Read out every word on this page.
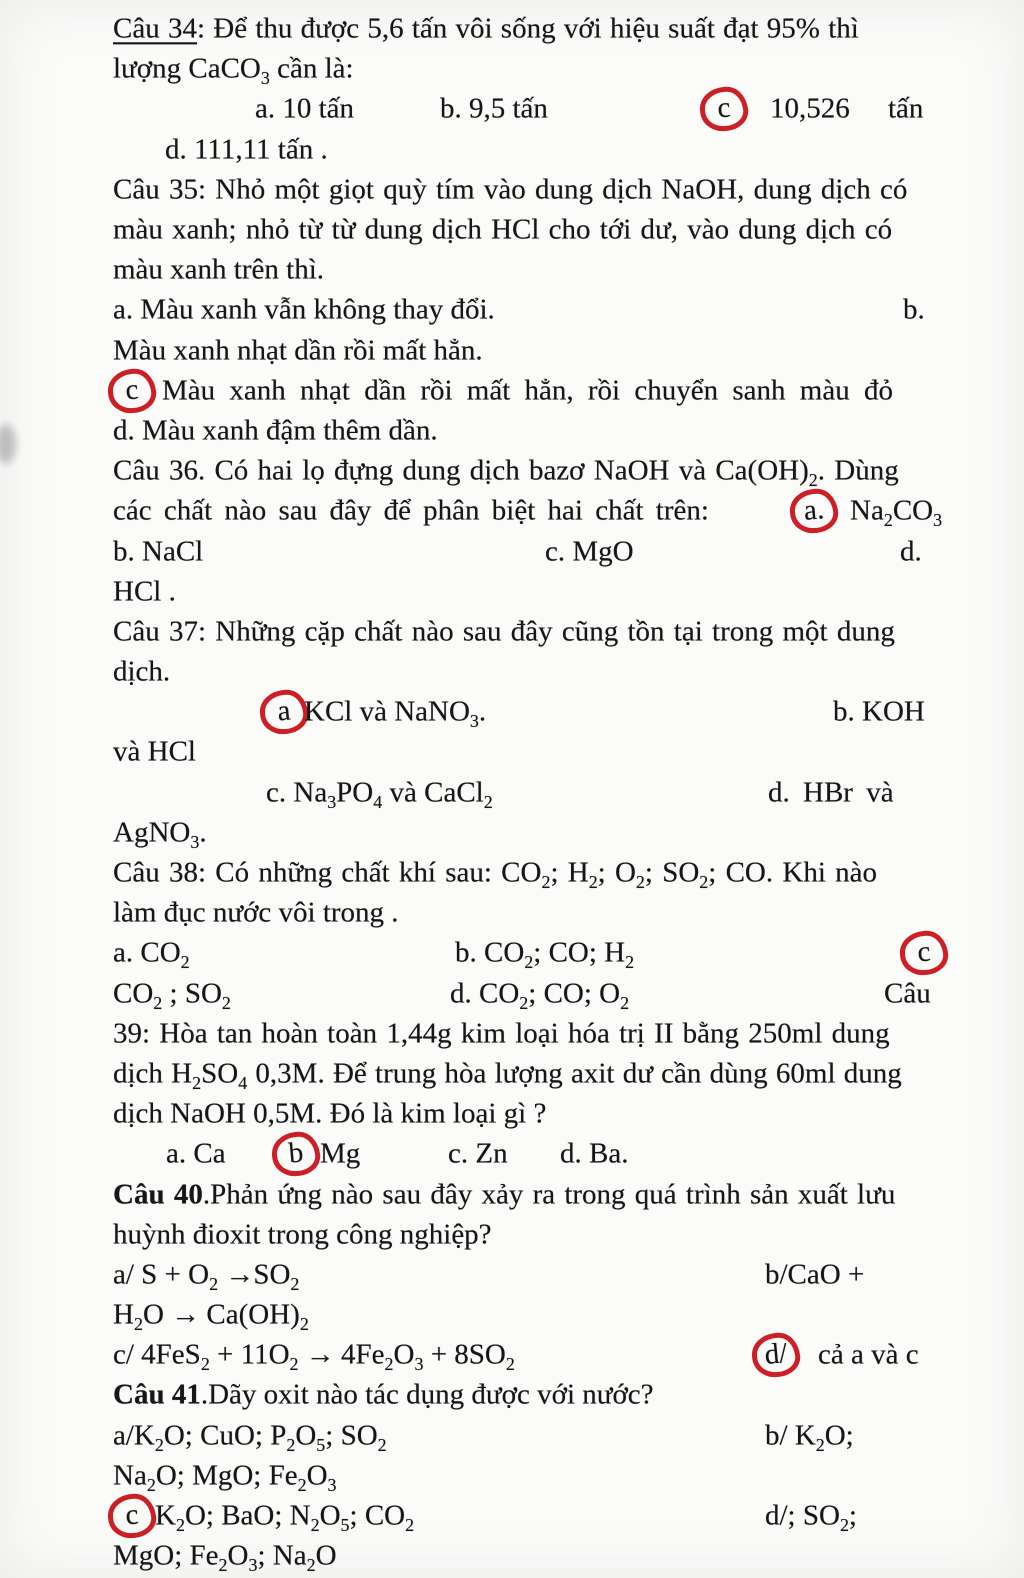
Câu 34: Để thu được 5,6 tấn vôi sống với hiệu suất đạt 95% thì
lượng CaCO$_3$ cần là:
a. 10 tấn	b. 9,5 tấn	c 10,526 tấn
d. 111,11 tấn .
Câu 35: Nhỏ một giọt quỳ tím vào dung dịch NaOH, dung dịch có
màu xanh; nhỏ từ từ dung dịch HCl cho tới dư, vào dung dịch có
màu xanh trên thì.
a. Màu xanh vẫn không thay đổi.	b.
Màu xanh nhạt dần rồi mất hẳn.
c Màu xanh nhạt dần rồi mất hẳn, rồi chuyển sanh màu đỏ
d. Màu xanh đậm thêm dần.
Câu 36. Có hai lọ đựng dung dịch bazơ NaOH và $Ca(OH)_2$. Dùng
các chất nào sau đây để phân biệt hai chất trên:	a. $Na_2CO_3$
b. NaCl	c. MgO	d.
HCl .
Câu 37: Những cặp chất nào sau đây cũng tồn tại trong một dung
dịch.
a KCl và NaNO$_3$.	b. KOH
và HCl
c. $Na_3PO_4$ và CaCl$_2$	d. HBr và
AgNO$_3$.
Câu 38: Có những chất khí sau: $CO_2$; $H_2$; $O_2$; $SO_2$; CO. Khi nào
làm đục nước vôi trong .
a. $CO_2$	b. $CO_2$; CO; $H_2$	c
$CO_2$ ; $SO_2$	d. $CO_2$; CO; $O_2$	Câu
39: Hòa tan hoàn toàn 1,44g kim loại hóa trị II bằng 250ml dung
dịch $H_2SO_4$ 0,3M. Để trung hòa lượng axit dư cần dùng 60ml dung
dịch NaOH 0,5M. Đó là kim loại gì ?
a. Ca b Mg	c. Zn d. Ba.
Câu 40.Phản ứng nào sau đây xảy ra trong quá trình sản xuất lưu
huỳnh đioxit trong công nghiệp?
a/ $S + O_2 \to SO_2$	b/CaO +
$H_2O \to Ca(OH)_2$
c/ $4FeS_2 + 11O_2 \to 4Fe_2O_3 + 8SO_2$	d/ cả a và c
Câu 41.Dãy oxit nào tác dụng được với nước?
$a/K_2O$; CuO; $P_2O_5$; $SO_2$	b/ $K_2O$;
$Na_2O$; MgO; $Fe_2O_3$
c $K_2O$; BaO; $N_2O_5$; $CO_2$	d/; $SO_2$;
MgO; $Fe_2O_3$; $Na_2O$
